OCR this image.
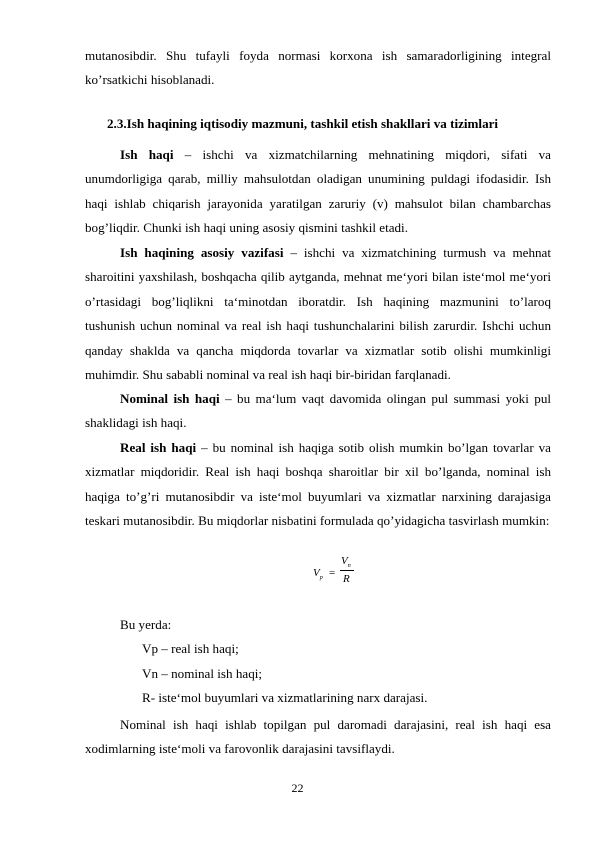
mutanosibdir. Shu tufayli foyda normasi korxona ish samaradorligining integral ko’rsatkichi hisoblanadi.

2.3.Ish haqining iqtisodiy mazmuni, tashkil etish shakllari va tizimlari

Ish haqi – ishchi va xizmatchilarning mehnatining miqdori, sifati va unumdorligiga qarab, milliy mahsulotdan oladigan unumining puldagi ifodasidir. Ish haqi ishlab chiqarish jarayonida yaratilgan zaruriy (v) mahsulot bilan chambarchas bog’liqdir. Chunki ish haqi uning asosiy qismini tashkil etadi.

Ish haqining asosiy vazifasi – ishchi va xizmatchining turmush va mehnat sharoitini yaxshilash, boshqacha qilib aytganda, mehnat me‘yori bilan iste‘mol me‘yori o’rtasidagi bog’liqlikni ta‘minotdan iboratdir. Ish haqining mazmunini to’laroq tushunish uchun nominal va real ish haqi tushunchalarini bilish zarurdir. Ishchi uchun qanday shaklda va qancha miqdorda tovarlar va xizmatlar sotib olishi mumkinligi muhimdir. Shu sababli nominal va real ish haqi bir-biridan farqlanadi.

Nominal ish haqi – bu ma‘lum vaqt davomida olingan pul summasi yoki pul shaklidagi ish haqi.

Real ish haqi – bu nominal ish haqiga sotib olish mumkin bo’lgan tovarlar va xizmatlar miqdoridir. Real ish haqi boshqa sharoitlar bir xil bo’lganda, nominal ish haqiga to’g’ri mutanosibdir va iste‘mol buyumlari va xizmatlar narxining darajasiga teskari mutanosibdir. Bu miqdorlar nisbatini formulada qo’yidagicha tasvirlash mumkin:

$V_p$ =
$V_n$
R
Bu yerda:
Vp – real ish haqi;
Vn – nominal ish haqi;
R- iste‘mol buyumlari va xizmatlarining narx darajasi.

Nominal ish haqi ishlab topilgan pul daromadi darajasini, real ish haqi esa xodimlarning iste‘moli va farovonlik darajasini tavsiflaydi.

22
